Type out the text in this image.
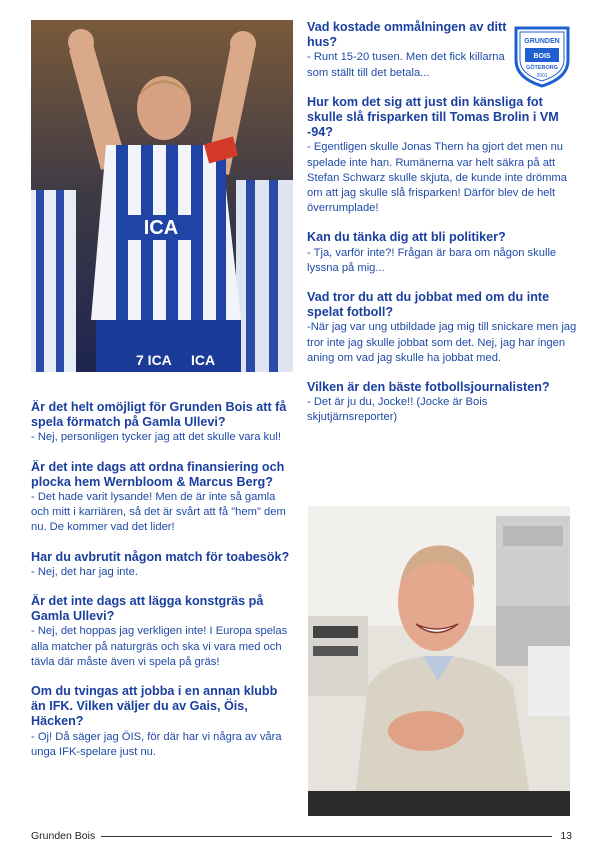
ICA
7 ICA ICA

Vad kostade ommålningen av ditt hus?

- Runt 15-20 tusen. Men det fick killarna som ställt till det betala...

Hur kom det sig att just din känsliga fot skulle slå frisparken till Tomas Brolin i VM -94?

- Egentligen skulle Jonas Thern ha gjort det men nu spelade inte han. Rumänerna var helt säkra på att Stefan Schwarz skulle skjuta, de kunde inte drömma om att jag skulle slå frisparken! Därför blev de helt överrumplade!

Kan du tänka dig att bli politiker?

- Tja, varför inte?! Frågan är bara om någon skulle lyssna på mig...

Vad tror du att du jobbat med om du inte spelat fotboll?

-När jag var ung utbildade jag mig till snickare men jag tror inte jag skulle jobbat som det. Nej, jag har ingen aning om vad jag skulle ha jobbat med.

Vilken är den bäste fotbollsjournalisten?

- Det är ju du, Jocke!! (Jocke är Bois skjutjärnsreporter)

GRUNDEN
BOIS
GÖTEBORG
2001

Är det helt omöjligt för Grunden Bois att få spela förmatch på Gamla Ullevi?

- Nej, personligen tycker jag att det skulle vara kul!

Är det inte dags att ordna finansiering och plocka hem Wernbloom & Marcus Berg?

- Det hade varit lysande! Men de är inte så gamla och mitt i karriären, så det är svårt att få "hem" dem nu. De kommer vad det lider!

Har du avbrutit någon match för toabesök?

- Nej, det har jag inte.

Är det inte dags att lägga konstgräs på Gamla Ullevi?

- Nej, det hoppas jag verkligen inte! I Europa spelas alla matcher på naturgräs och ska vi vara med och tävla där måste även vi spela på gräs!

Om du tvingas att jobba i en annan klubb än IFK. Vilken väljer du av Gais, Öis, Häcken?

- Oj! Då säger jag ÖIS, för där har vi några av våra unga IFK-spelare just nu.

Grunden Bois	13
